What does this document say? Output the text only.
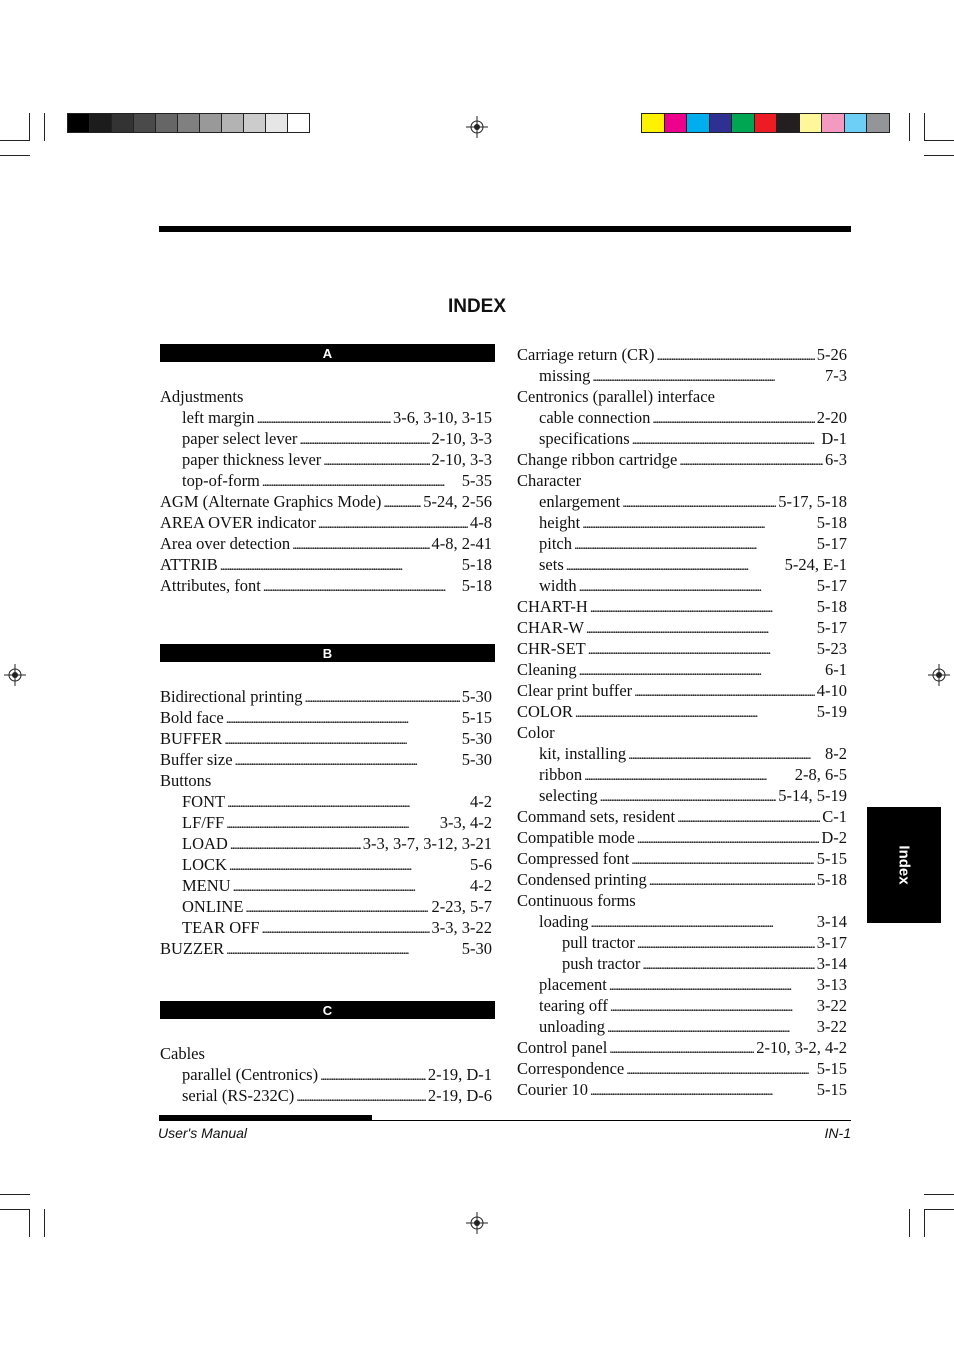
INDEX
A
Adjustments
left margin . . .	3-6, 3-10, 3-15
paper select lever . . .	2-10, 3-3
paper thickness lever . . .	2-10, 3-3
top-of-form . . .	5-35
AGM (Alternate Graphics Mode) . . .	5-24, 2-56
AREA OVER indicator . . .	4-8
Area over detection . . .	4-8, 2-41
ATTRIB . . .	5-18
Attributes, font . . .	5-18
B
Bidirectional printing . . .	5-30
Bold face . . .	5-15
BUFFER . . .	5-30
Buffer size . . .	5-30
Buttons
FONT . . .	4-2
LF/FF . . .	3-3, 4-2
LOAD . . .	3-3, 3-7, 3-12, 3-21
LOCK . . .	5-6
MENU . . .	4-2
ONLINE . . .	2-23, 5-7
TEAR OFF . . .	3-3, 3-22
BUZZER . . .	5-30
C
Cables
parallel (Centronics) . . .	2-19, D-1
serial (RS-232C) . . .	2-19, D-6
Carriage return (CR) . . .	5-26
missing . . .	7-3
Centronics (parallel) interface
cable connection . . .	2-20
specifications . . .	D-1
Change ribbon cartridge . . .	6-3
Character
enlargement . . .	5-17, 5-18
height . . .	5-18
pitch . . .	5-17
sets . . .	5-24, E-1
width . . .	5-17
CHART-H . . .	5-18
CHAR-W . . .	5-17
CHR-SET . . .	5-23
Cleaning . . .	6-1
Clear print buffer . . .	4-10
COLOR . . .	5-19
Color
kit, installing . . .	8-2
ribbon . . .	2-8, 6-5
selecting . . .	5-14, 5-19
Command sets, resident . . .	C-1
Compatible mode . . .	D-2
Compressed font . . .	5-15
Condensed printing . . .	5-18
Continuous forms
loading . . .	3-14
pull tractor . . .	3-17
push tractor . . .	3-14
placement . . .	3-13
tearing off . . .	3-22
unloading . . .	3-22
Control panel . . .	2-10, 3-2, 4-2
Correspondence . . .	5-15
Courier 10 . . .	5-15
Index
User's Manual	IN-1
